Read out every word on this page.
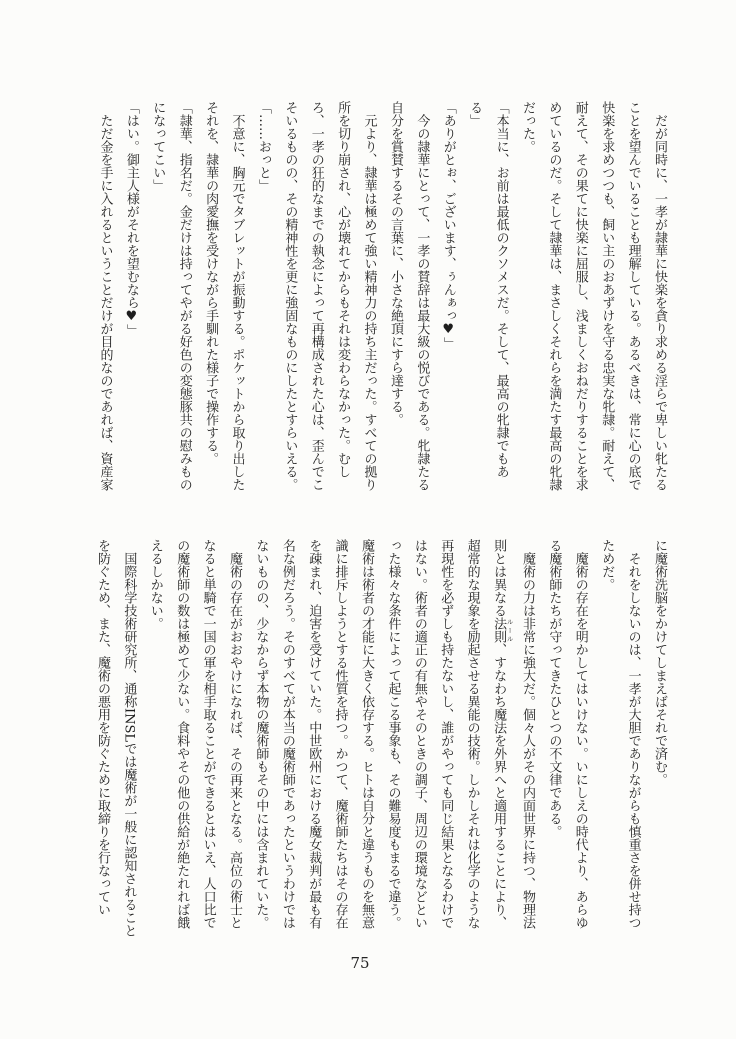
だが同時に、一孝が隷華に快楽を貪り求める淫らで卑しい牝たる
ことを望んでいることも理解している。あるべきは、常に心の底で
快楽を求めつつも、飼い主のおあずけを守る忠実な牝隷。耐えて、
耐えて、その果てに快楽に屈服し、浅ましくおねだりすることを求
めているのだ。そして隷華は、まさしくそれらを満たす最高の牝隷
だった。
「本当に、お前は最低のクソメスだ。そして、最高の牝隷でもあ
る」
「ありがとぉ、ございます、ぅんぁっ♥」
今の隷華にとって、一孝の賛辞は最大級の悦びである。牝隷たる
自分を賞賛するその言葉に、小さな絶頂にすら達する。
元より、隷華は極めて強い精神力の持ち主だった。すべての拠り
所を切り崩され、心が壊れてからもそれは変わらなかった。むし
ろ、一孝の狂的なまでの執念によって再構成された心は、歪んでこ
そいるものの、その精神性を更に強固なものにしたとすらいえる。
「……おっと」
不意に、胸元でタブレットが振動する。ポケットから取り出した
それを、隷華の肉愛撫を受けながら手馴れた様子で操作する。
「隷華、指名だ。金だけは持ってやがる好色の変態豚共の慰みもの
になってこい」
「はい。御主人様がそれを望むなら♥」
ただ金を手に入れるということだけが目的なのであれば、資産家
に魔術洗脳をかけてしまえばそれで済む。
それをしないのは、一孝が大胆でありながらも慎重さを併せ持つ
ためだ。
魔術の存在を明かしてはいけない。いにしえの時代より、あらゆ
る魔術師たちが守ってきたひとつの不文律である。
魔術の力は非常に強大だ。個々人がその内面世界に持つ、物理法
則とは異なる法則 ルール、すなわち魔法を外界へと適用することにより、
超常的な現象を励起させる異能の技術。しかしそれは化学のような
再現性を必ずしも持たないし、誰がやっても同じ結果となるわけで
はない。術者の適正の有無やそのときの調子、周辺の環境などとい
った様々な条件によって起こる事象も、その難易度もまるで違う。
魔術は術者の才能に大きく依存する。ヒトは自分と違うものを無意
識に排斥しようとする性質を持つ。かつて、魔術師たちはその存在
を疎まれ、迫害を受けていた。中世欧州における魔女裁判が最も有
名な例だろう。そのすべてが本当の魔術師であったというわけでは
ないものの、少なからず本物の魔術師もその中には含まれていた。
魔術の存在がおおやけになれば、その再来となる。高位の術士と
なると単騎で一国の軍を相手取ることができるとはいえ、人口比で
の魔術師の数は極めて少ない。食料やその他の供給が絶たれれば餓
えるしかない。
国際科学技術研究所、通称INSLでは魔術が一般に認知されること
を防ぐため、また、魔術の悪用を防ぐために取締りを行なってい
75
